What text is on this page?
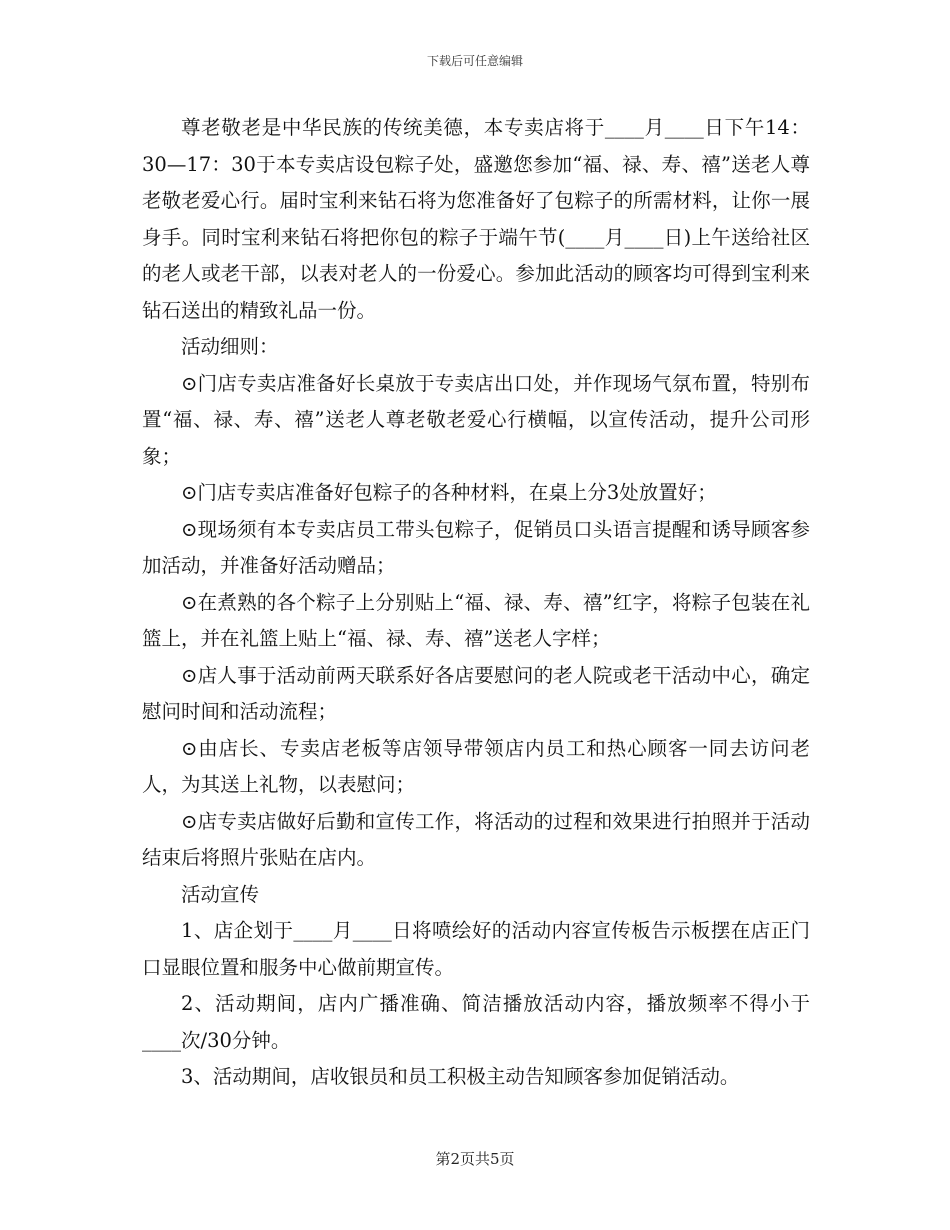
下载后可任意编辑

尊老敬老是中华民族的传统美德，本专卖店将于____月____日下午14：30—17：30于本专卖店设包粽子处，盛邀您参加“福、禄、寿、禧”送老人尊老敬老爱心行。届时宝利来钻石将为您准备好了包粽子的所需材料，让你一展身手。同时宝利来钻石将把你包的粽子于端午节(____月____日)上午送给社区的老人或老干部，以表对老人的一份爱心。参加此活动的顾客均可得到宝利来钻石送出的精致礼品一份。

活动细则：

⊙门店专卖店准备好长桌放于专卖店出口处，并作现场气氛布置，特别布置“福、禄、寿、禧”送老人尊老敬老爱心行横幅，以宣传活动，提升公司形象；

⊙门店专卖店准备好包粽子的各种材料，在桌上分3处放置好；

⊙现场须有本专卖店员工带头包粽子，促销员口头语言提醒和诱导顾客参加活动，并准备好活动赠品；

⊙在煮熟的各个粽子上分别贴上“福、禄、寿、禧”红字，将粽子包装在礼篮上，并在礼篮上贴上“福、禄、寿、禧”送老人字样；

⊙店人事于活动前两天联系好各店要慰问的老人院或老干活动中心，确定慰问时间和活动流程；

⊙由店长、专卖店老板等店领导带领店内员工和热心顾客一同去访问老人，为其送上礼物，以表慰问；

⊙店专卖店做好后勤和宣传工作，将活动的过程和效果进行拍照并于活动结束后将照片张贴在店内。

活动宣传

1、店企划于____月____日将喷绘好的活动内容宣传板告示板摆在店正门口显眼位置和服务中心做前期宣传。

2、活动期间，店内广播准确、简洁播放活动内容，播放频率不得小于____次/30分钟。

3、活动期间，店收银员和员工积极主动告知顾客参加促销活动。

第2页共5页
